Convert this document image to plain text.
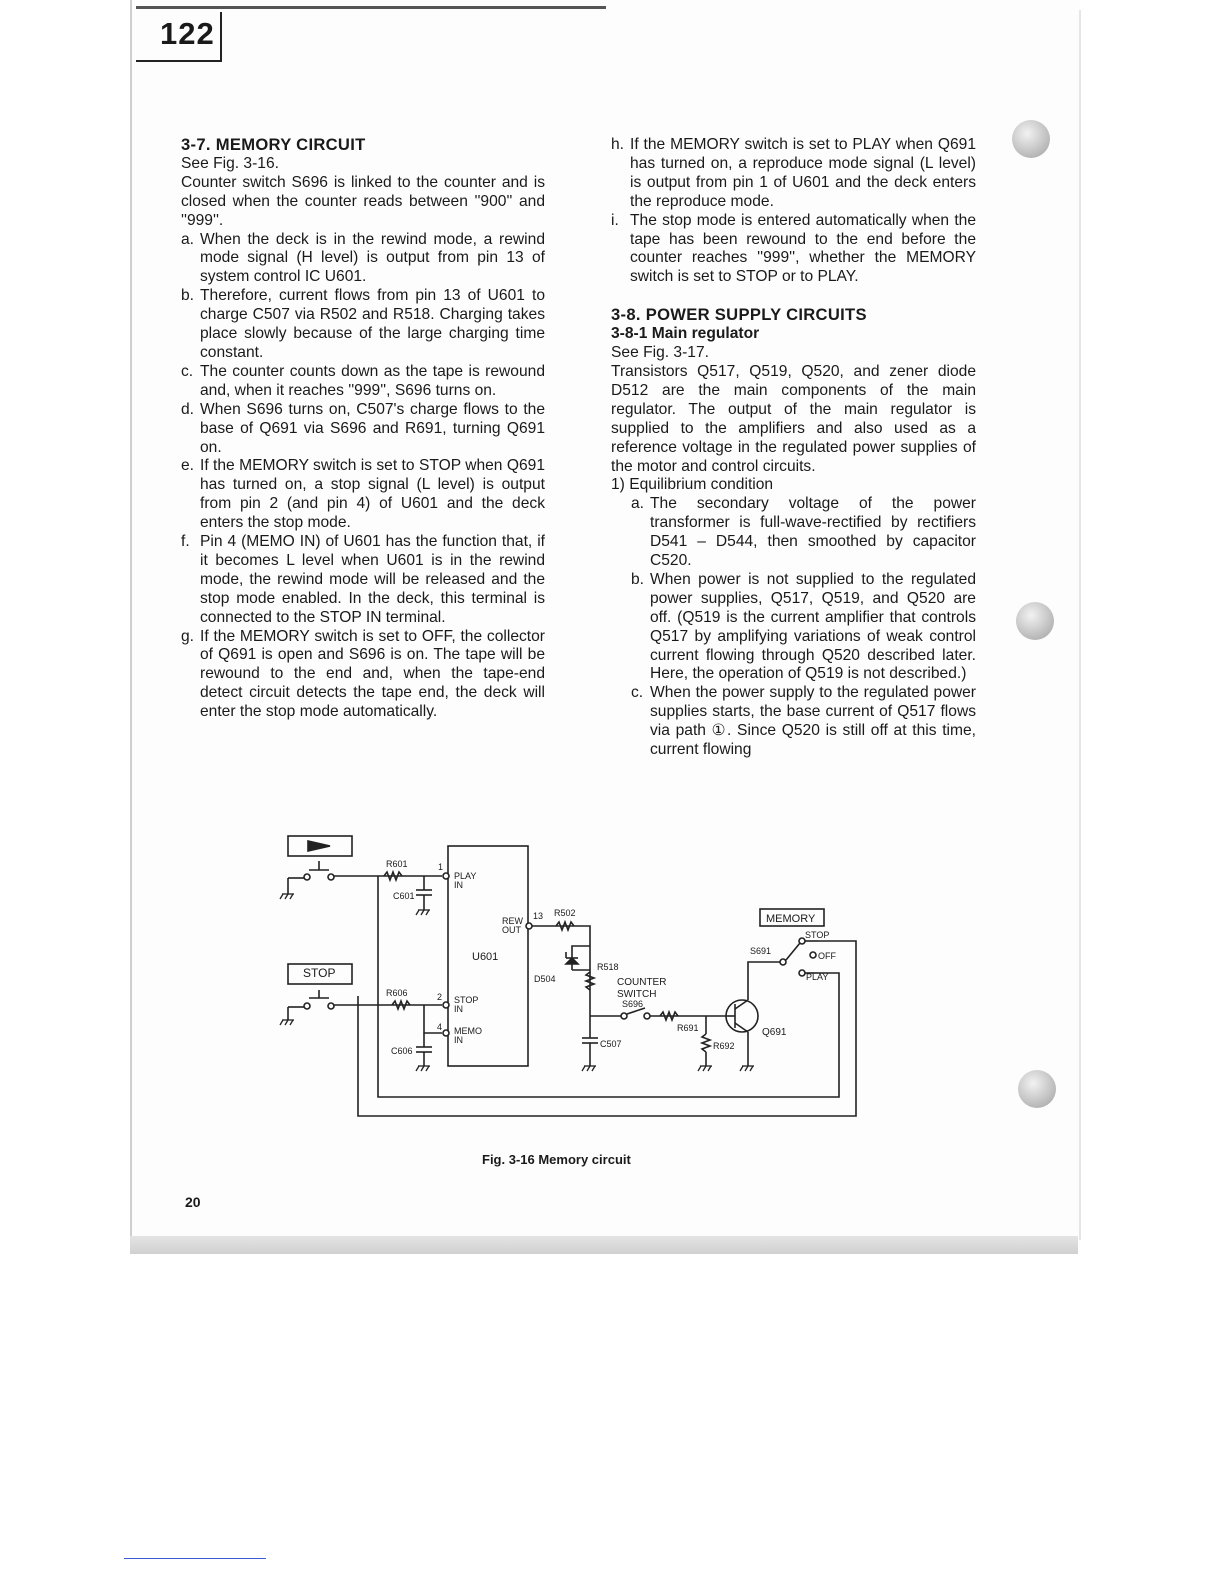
122
3-7. MEMORY CIRCUIT
See Fig. 3-16.
Counter switch S696 is linked to the counter and is closed when the counter reads between ''900'' and ''999''.
a. When the deck is in the rewind mode, a rewind mode signal (H level) is output from pin 13 of system control IC U601.
b. Therefore, current flows from pin 13 of U601 to charge C507 via R502 and R518. Charging takes place slowly because of the large charging time constant.
c. The counter counts down as the tape is rewound and, when it reaches ''999'', S696 turns on.
d. When S696 turns on, C507's charge flows to the base of Q691 via S696 and R691, turning Q691 on.
e. If the MEMORY switch is set to STOP when Q691 has turned on, a stop signal (L level) is output from pin 2 (and pin 4) of U601 and the deck enters the stop mode.
f. Pin 4 (MEMO IN) of U601 has the function that, if it becomes L level when U601 is in the rewind mode, the rewind mode will be released and the stop mode enabled. In the deck, this terminal is connected to the STOP IN terminal.
g. If the MEMORY switch is set to OFF, the collector of Q691 is open and S696 is on. The tape will be rewound to the end and, when the tape-end detect circuit detects the tape end, the deck will enter the stop mode automatically.
h. If the MEMORY switch is set to PLAY when Q691 has turned on, a reproduce mode signal (L level) is output from pin 1 of U601 and the deck enters the reproduce mode.
i. The stop mode is entered automatically when the tape has been rewound to the end before the counter reaches ''999'', whether the MEMORY switch is set to STOP or to PLAY.
3-8. POWER SUPPLY CIRCUITS
3-8-1 Main regulator
See Fig. 3-17.
Transistors Q517, Q519, Q520, and zener diode D512 are the main components of the main regulator. The output of the main regulator is supplied to the amplifiers and also used as a reference voltage in the regulated power supplies of the motor and control circuits.
1) Equilibrium condition
a. The secondary voltage of the power transformer is full-wave-rectified by rectifiers D541 – D544, then smoothed by capacitor C520.
b. When power is not supplied to the regulated power supplies, Q517, Q519, and Q520 are off. (Q519 is the current amplifier that controls Q517 by amplifying variations of weak control current flowing through Q520 described later. Here, the operation of Q519 is not described.)
c. When the power supply to the regulated power supplies starts, the base current of Q517 flows via path ①. Since Q520 is still off at this time, current flowing
STOP
MEMORY
STOP
OFF
PLAY
R601
C601
R606
C606
U601
1
PLAY
IN
REW
OUT
13
2 STOP
IN
4 MEMO
IN
R502
D504
R518
COUNTER
SWITCH
S696
C507
R691
R692
S691
Q691
Fig. 3-16 Memory circuit
20
